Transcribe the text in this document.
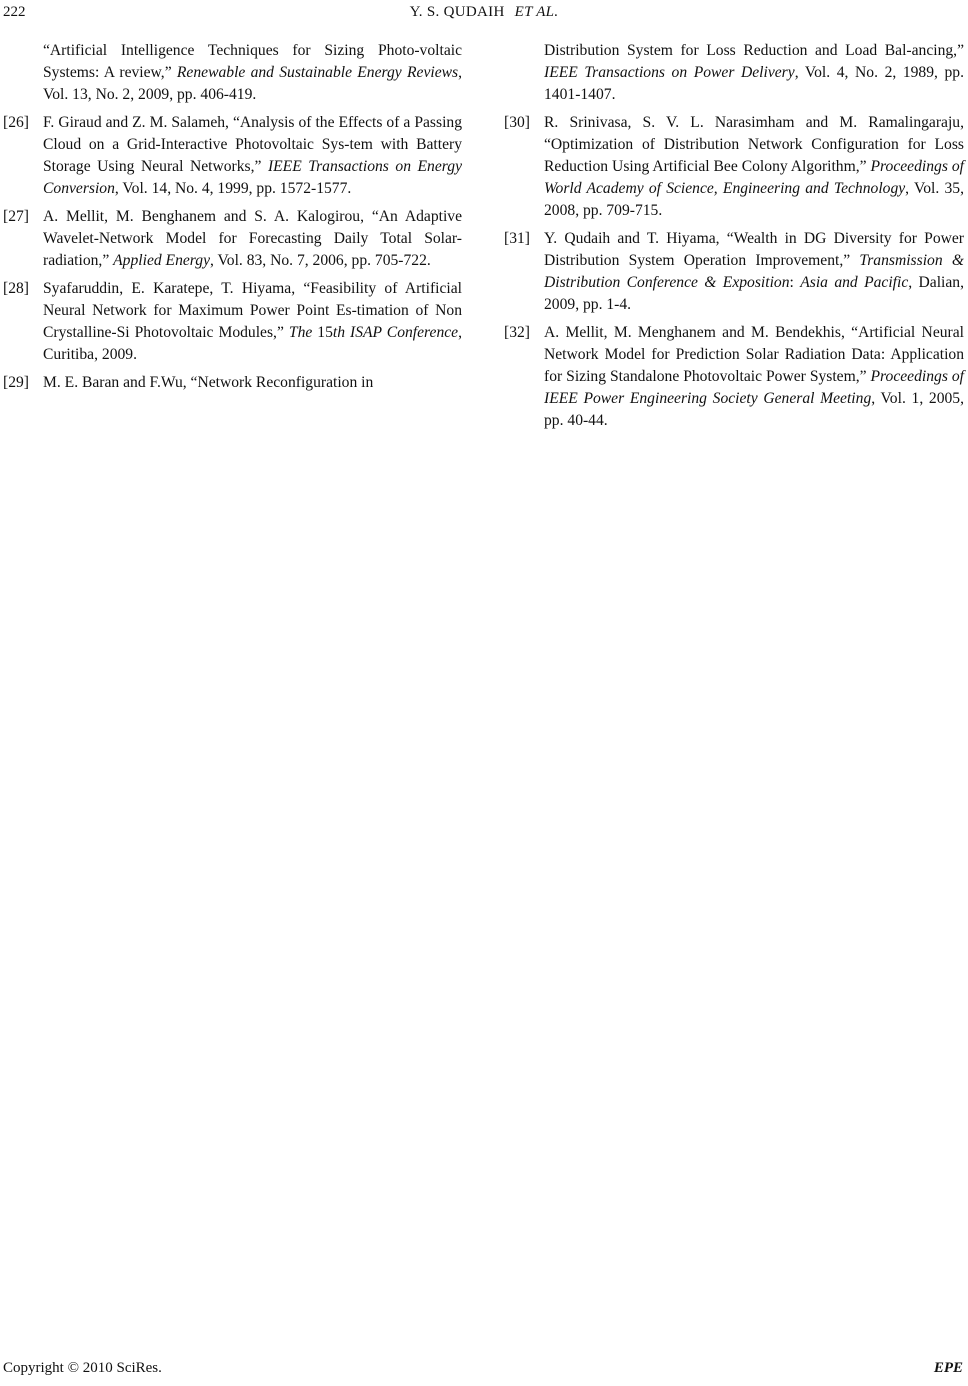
222	Y. S. QUDAIH ET AL.
“Artificial Intelligence Techniques for Sizing Photo-voltaic Systems: A review,” Renewable and Sustainable Energy Reviews, Vol. 13, No. 2, 2009, pp. 406-419.
[26] F. Giraud and Z. M. Salameh, “Analysis of the Effects of a Passing Cloud on a Grid-Interactive Photovoltaic Sys-tem with Battery Storage Using Neural Networks,” IEEE Transactions on Energy Conversion, Vol. 14, No. 4, 1999, pp. 1572-1577.
[27] A. Mellit, M. Benghanem and S. A. Kalogirou, “An Adaptive Wavelet-Network Model for Forecasting Daily Total Solar-radiation,” Applied Energy, Vol. 83, No. 7, 2006, pp. 705-722.
[28] Syafaruddin, E. Karatepe, T. Hiyama, “Feasibility of Artificial Neural Network for Maximum Power Point Es-timation of Non Crystalline-Si Photovoltaic Modules,” The 15th ISAP Conference, Curitiba, 2009.
[29] M. E. Baran and F.Wu, “Network Reconfiguration in
Distribution System for Loss Reduction and Load Bal-ancing,” IEEE Transactions on Power Delivery, Vol. 4, No. 2, 1989, pp. 1401-1407.
[30] R. Srinivasa, S. V. L. Narasimham and M. Ramalingaraju, “Optimization of Distribution Network Configuration for Loss Reduction Using Artificial Bee Colony Algorithm,” Proceedings of World Academy of Science, Engineering and Technology, Vol. 35, 2008, pp. 709-715.
[31] Y. Qudaih and T. Hiyama, “Wealth in DG Diversity for Power Distribution System Operation Improvement,” Transmission & Distribution Conference & Exposition: Asia and Pacific, Dalian, 2009, pp. 1-4.
[32] A. Mellit, M. Menghanem and M. Bendekhis, “Artificial Neural Network Model for Prediction Solar Radiation Data: Application for Sizing Standalone Photovoltaic Power System,” Proceedings of IEEE Power Engineering Society General Meeting, Vol. 1, 2005, pp. 40-44.
Copyright © 2010 SciRes.	EPE
